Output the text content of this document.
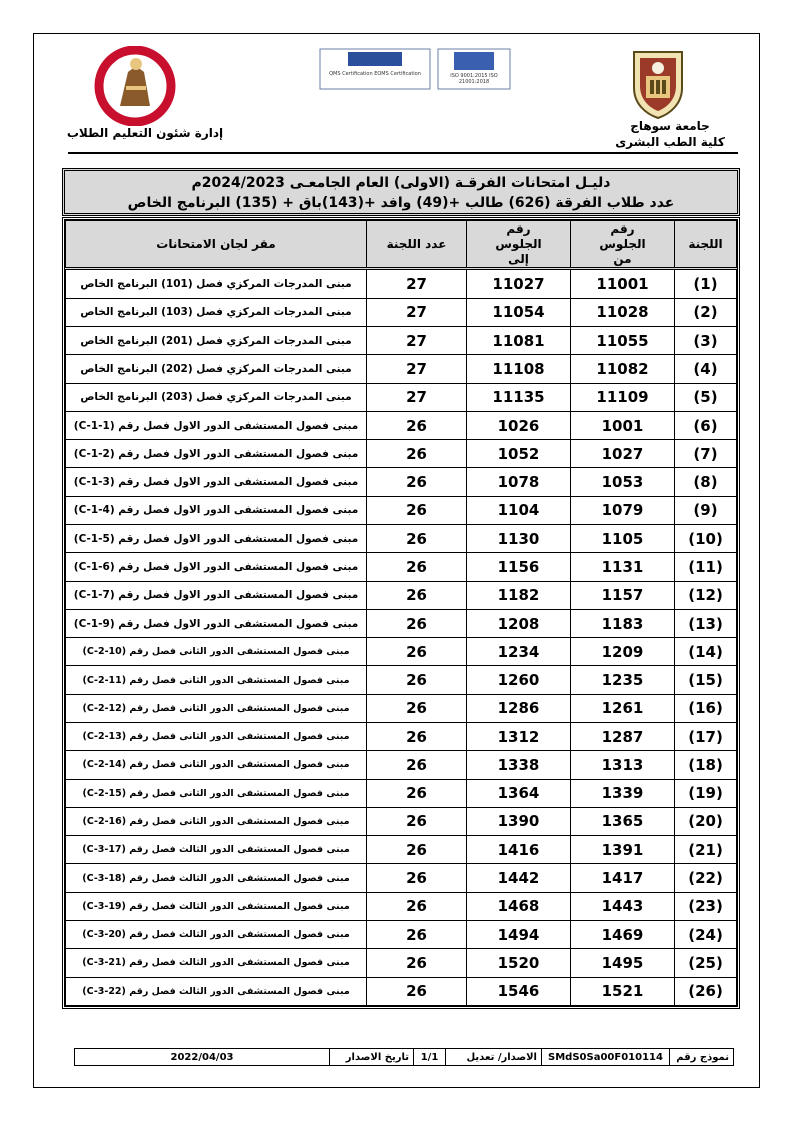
جامعة سوهاج
كلية الطب البشرى
QMS Certification EOMS Certification	ISO 9001:2015 ISO 21001:2018
إدارة شئون التعليم الطلاب
دليـل امتحانات الفرقـة (الاولى) العام الجامعـى 2024/2023م
عدد طلاب الفرقة (626) طالب +(49) وافد +(143)باق + (135) البرنامج الخاص
اللجنة	رقم الجلوس من	رقم الجلوس إلى	عدد اللجنة	مقر لجان الامتحانات
(1)	11001	11027	27	مبنى المدرجات المركزي فصل (101) البرنامج الخاص
(2)	11028	11054	27	مبنى المدرجات المركزي فصل (103) البرنامج الخاص
(3)	11055	11081	27	مبنى المدرجات المركزي فصل (201) البرنامج الخاص
(4)	11082	11108	27	مبنى المدرجات المركزي فصل (202) البرنامج الخاص
(5)	11109	11135	27	مبنى المدرجات المركزي فصل (203) البرنامج الخاص
(6)	1001	1026	26	مبنى فصول المستشفى الدور الاول فصل رقم (C-1-1)
(7)	1027	1052	26	مبنى فصول المستشفى الدور الاول فصل رقم (C-1-2)
(8)	1053	1078	26	مبنى فصول المستشفى الدور الاول فصل رقم (C-1-3)
(9)	1079	1104	26	مبنى فصول المستشفى الدور الاول فصل رقم (C-1-4)
(10)	1105	1130	26	مبنى فصول المستشفى الدور الاول فصل رقم (C-1-5)
(11)	1131	1156	26	مبنى فصول المستشفى الدور الاول فصل رقم (C-1-6)
(12)	1157	1182	26	مبنى فصول المستشفى الدور الاول فصل رقم (C-1-7)
(13)	1183	1208	26	مبنى فصول المستشفى الدور الاول فصل رقم (C-1-9)
(14)	1209	1234	26	مبنى فصول المستشفى الدور الثانى فصل رقم (C-2-10)
(15)	1235	1260	26	مبنى فصول المستشفى الدور الثانى فصل رقم (C-2-11)
(16)	1261	1286	26	مبنى فصول المستشفى الدور الثانى فصل رقم (C-2-12)
(17)	1287	1312	26	مبنى فصول المستشفى الدور الثانى فصل رقم (C-2-13)
(18)	1313	1338	26	مبنى فصول المستشفى الدور الثانى فصل رقم (C-2-14)
(19)	1339	1364	26	مبنى فصول المستشفى الدور الثانى فصل رقم (C-2-15)
(20)	1365	1390	26	مبنى فصول المستشفى الدور الثانى فصل رقم (C-2-16)
(21)	1391	1416	26	مبنى فصول المستشفى الدور الثالث فصل رقم (C-3-17)
(22)	1417	1442	26	مبنى فصول المستشفى الدور الثالث فصل رقم (C-3-18)
(23)	1443	1468	26	مبنى فصول المستشفى الدور الثالث فصل رقم (C-3-19)
(24)	1469	1494	26	مبنى فصول المستشفى الدور الثالث فصل رقم (C-3-20)
(25)	1495	1520	26	مبنى فصول المستشفى الدور الثالث فصل رقم (C-3-21)
(26)	1521	1546	26	مبنى فصول المستشفى الدور الثالث فصل رقم (C-3-22)
نموذج رقم	SMdS0Sa00F010114	الاصدار/ تعديل	1/1	تاريخ الاصدار	2022/04/03
